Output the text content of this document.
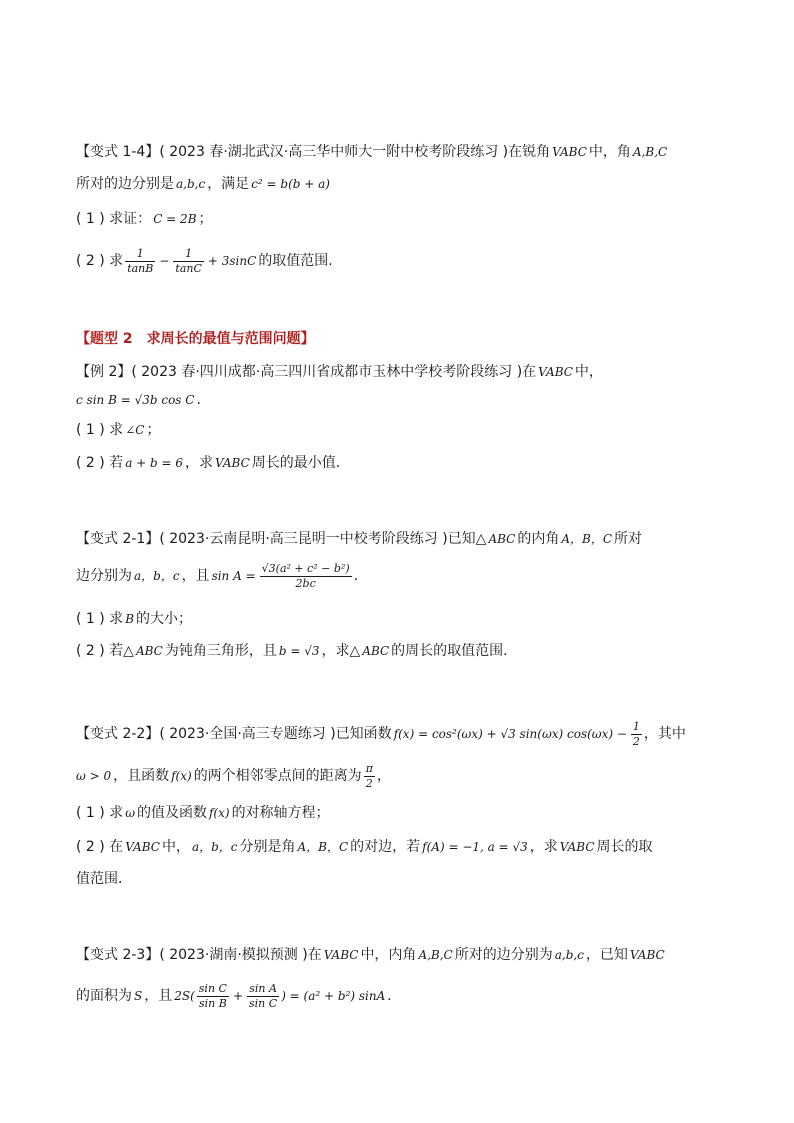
【变式 1-4】( 2023 春·湖北武汉·高三华中师大一附中校考阶段练习 )在锐角 VABC 中，角 A,B,C
所对的边分别是 a,b,c ，满足 c² = b(b + a)
( 1 ) 求证： C = 2B ；
( 2 ) 求 $\frac{1}{\tan B} - \frac{1}{\tan C} + 3\sin C$ 的取值范围.
【题型 2　求周长的最值与范围问题】
【例 2】( 2023 春·四川成都·高三四川省成都市玉林中学校考阶段练习 )在 VABC 中，
c sin B = √3b cos C .
( 1 ) 求 ∠C ；
( 2 ) 若 a + b = 6 ，求 VABC 周长的最小值.
【变式 2-1】( 2023·云南昆明·高三昆明一中校考阶段练习 )已知△ ABC 的内角 A，B，C 所对
边分别为 a，b，c ，且 $\sin A = \frac{\text{√3(a² + c² − b²)}}{2bc}$ .
( 1 ) 求 B 的大小；
( 2 ) 若△ ABC 为钝角三角形，且 b = √3 ，求△ ABC 的周长的取值范围.
【变式 2-2】( 2023·全国·高三专题练习 )已知函数 f(x) = cos²(ωx) + √3 sin(ωx) $\cos(\omega x) - \frac{1}{2}$ ，其中
ω > 0 ，且函数 f(x) 的两个相邻零点间的距离为 $\frac{\pi}{2}$ ，
( 1 ) 求 ω 的值及函数 f(x) 的对称轴方程；
( 2 ) 在 VABC 中， a，b，c 分别是角 A，B，C 的对边，若 f(A) = −1, a = √3 ，求 VABC 周长的取
值范围．
【变式 2-3】( 2023·湖南·模拟预测 )在 VABC 中，内角 A,B,C 所对的边分别为 a,b,c ，已知 VABC
的面积为 S ，且 $2S( \frac{\text{sin C}}{\text{sin B}} + \frac{\text{sin A}}{\text{sin C}}$ ) = (a² + b²) sinA ．
